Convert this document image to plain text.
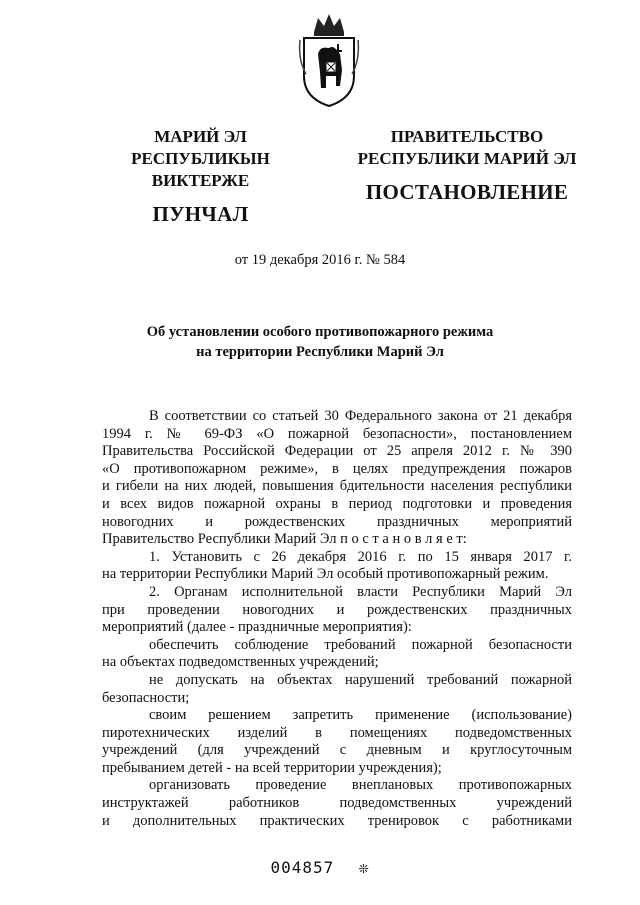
МАРИЙ ЭЛ РЕСПУБЛИКЫН
ВИКТЕРЖЕ
ПУНЧАЛ
ПРАВИТЕЛЬСТВО
РЕСПУБЛИКИ МАРИЙ ЭЛ
ПОСТАНОВЛЕНИЕ
от 19 декабря 2016 г. № 584
Об установлении особого противопожарного режима
на территории Республики Марий Эл

В соответствии со статьей 30 Федерального закона от 21 декабря

1994 г. № 69-ФЗ «О пожарной безопасности», постановлением

Правительства Российской Федерации от 25 апреля 2012 г. № 390

«О противопожарном режиме», в целях предупреждения пожаров

и гибели на них людей, повышения бдительности населения республики

и всех видов пожарной охраны в период подготовки и проведения

новогодних и рождественских праздничных мероприятий

Правительство Республики Марий Эл п о с т а н о в л я е т:

1. Установить с 26 декабря 2016 г. по 15 января 2017 г.

на территории Республики Марий Эл особый противопожарный режим.

2. Органам исполнительной власти Республики Марий Эл

при проведении новогодних и рождественских праздничных

мероприятий (далее - праздничные мероприятия):

обеспечить соблюдение требований пожарной безопасности

на объектах подведомственных учреждений;

не допускать на объектах нарушений требований пожарной

безопасности;

своим решением запретить применение (использование)

пиротехнических изделий в помещениях подведомственных

учреждений (для учреждений с дневным и круглосуточным

пребыванием детей - на всей территории учреждения);

организовать проведение внеплановых противопожарных

инструктажей работников подведомственных учреждений

и дополнительных практических тренировок с работниками

004857 ❊
